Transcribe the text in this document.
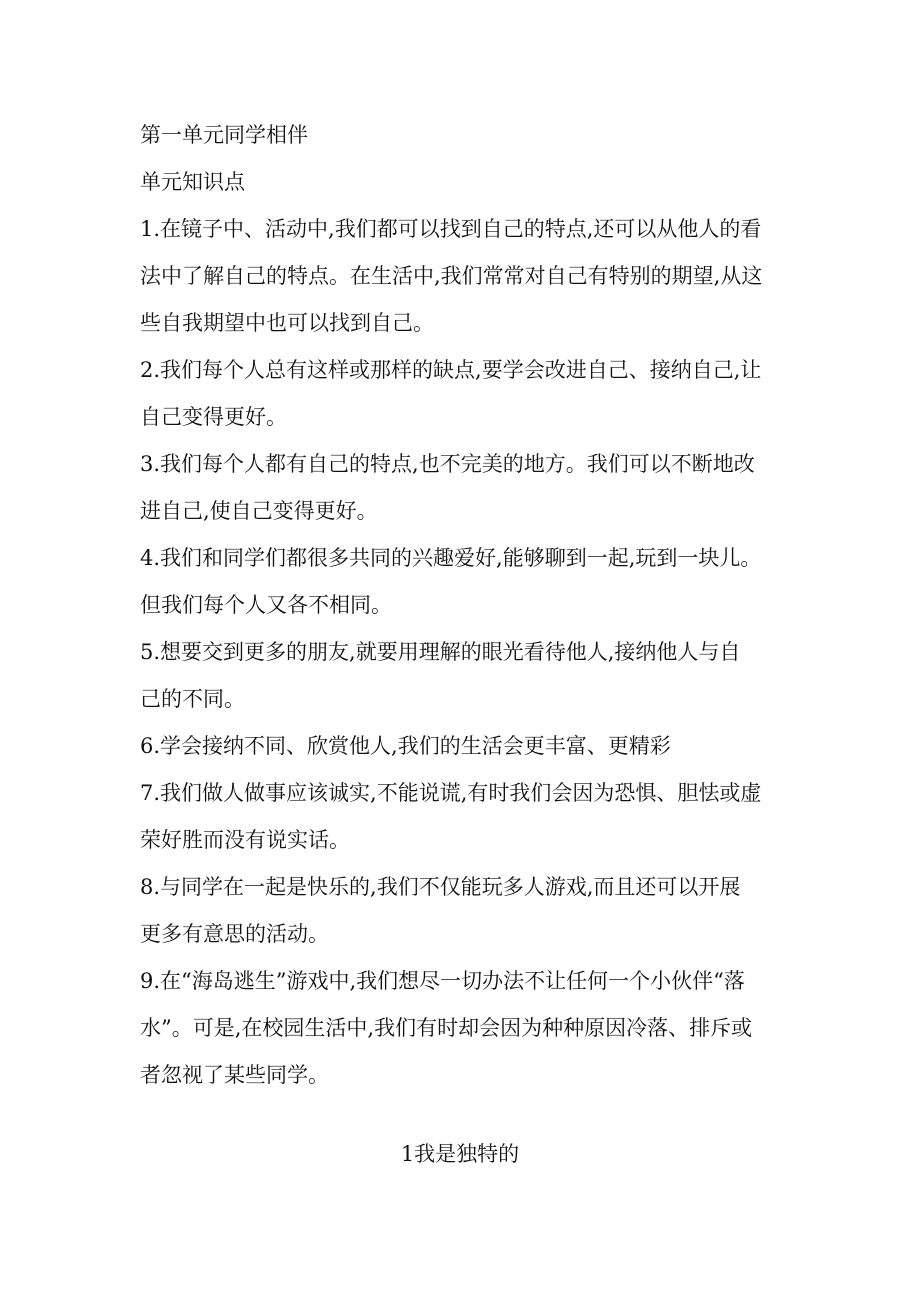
第一单元同学相伴

单元知识点

1.在镜子中、活动中,我们都可以找到自己的特点,还可以从他人的看

法中了解自己的特点。在生活中,我们常常对自己有特别的期望,从这

些自我期望中也可以找到自己。

2.我们每个人总有这样或那样的缺点,要学会改进自己、接纳自己,让

自己变得更好。

3.我们每个人都有自己的特点,也不完美的地方。我们可以不断地改

进自己,使自己变得更好。

4.我们和同学们都很多共同的兴趣爱好,能够聊到一起,玩到一块儿。

但我们每个人又各不相同。

5.想要交到更多的朋友,就要用理解的眼光看待他人,接纳他人与自

己的不同。

6.学会接纳不同、欣赏他人,我们的生活会更丰富、更精彩

7.我们做人做事应该诚实,不能说谎,有时我们会因为恐惧、胆怯或虚

荣好胜而没有说实话。

8.与同学在一起是快乐的,我们不仅能玩多人游戏,而且还可以开展

更多有意思的活动。

9.在“海岛逃生”游戏中,我们想尽一切办法不让任何一个小伙伴“落

水”。可是,在校园生活中,我们有时却会因为种种原因冷落、排斥或

者忽视了某些同学。

1我是独特的
